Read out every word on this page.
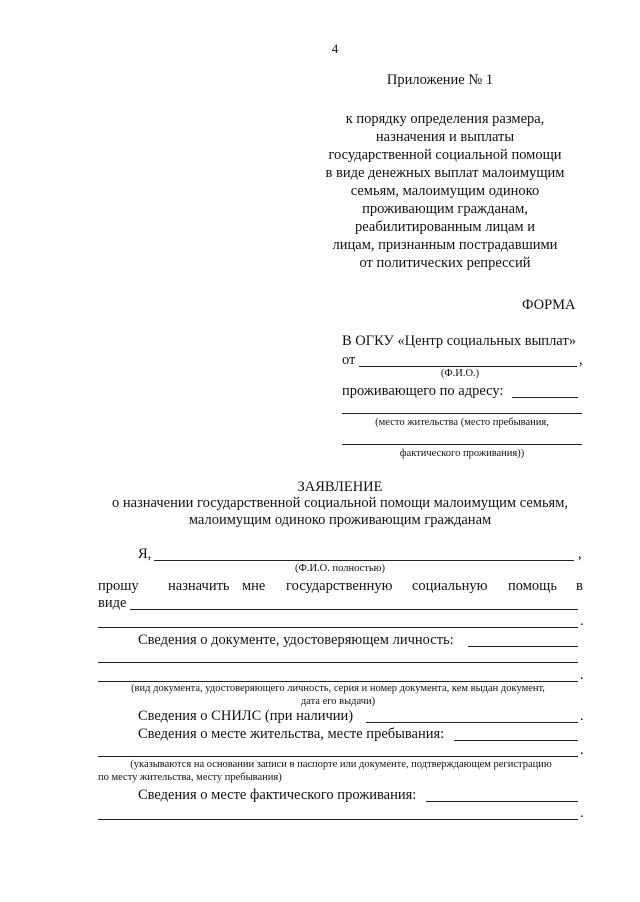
4
Приложение № 1
к порядку определения размера,
назначения и выплаты
государственной социальной помощи
в виде денежных выплат малоимущим
семьям, малоимущим одиноко
проживающим гражданам,
реабилитированным лицам и
лицам, признанным пострадавшими
от политических репрессий
ФОРМА
В ОГКУ «Центр социальных выплат»
от	,
(Ф.И.О.)
проживающего по адресу:
(место жительства (место пребывания,
фактического проживания))
ЗАЯВЛЕНИЕ
о назначении государственной социальной помощи малоимущим семьям,
малоимущим одиноко проживающим гражданам
Я,	,
(Ф.И.О. полностью)
прошу назначить мне государственную социальную помощь в
виде
.
Сведения о документе, удостоверяющем личность:
.
(вид документа, удостоверяющего личность, серия и номер документа, кем выдан документ,
дата его выдачи)
Сведения о СНИЛС (при наличии)	.
Сведения о месте жительства, месте пребывания:
.
(указываются на основании записи в паспорте или документе, подтверждающем регистрацию
по месту жительства, месту пребывания)
Сведения о месте фактического проживания:
.
